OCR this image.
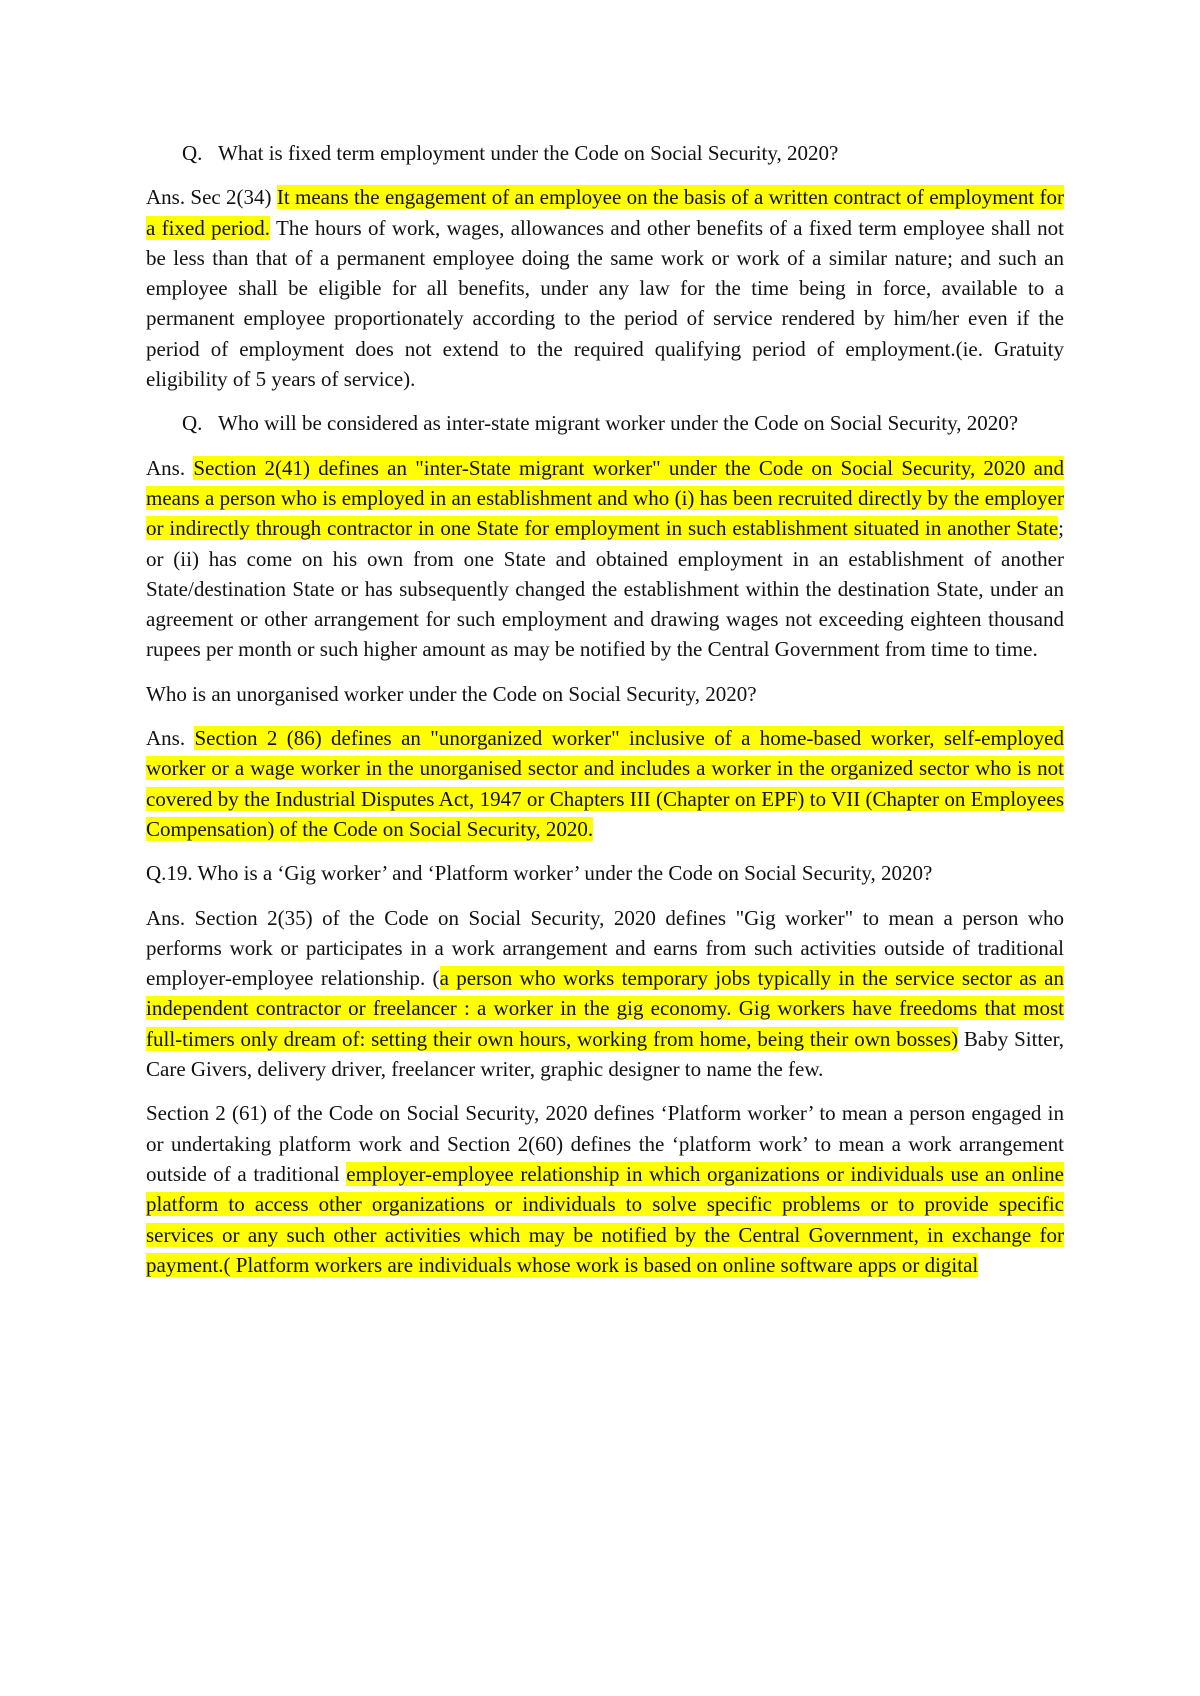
Q. What is fixed term employment under the Code on Social Security, 2020?

Ans. Sec 2(34) It means the engagement of an employee on the basis of a written contract of employment for a fixed period. The hours of work, wages, allowances and other benefits of a fixed term employee shall not be less than that of a permanent employee doing the same work or work of a similar nature; and such an employee shall be eligible for all benefits, under any law for the time being in force, available to a permanent employee proportionately according to the period of service rendered by him/her even if the period of employment does not extend to the required qualifying period of employment.(ie. Gratuity eligibility of 5 years of service).

Q. Who will be considered as inter-state migrant worker under the Code on Social Security, 2020?

Ans. Section 2(41) defines an "inter-State migrant worker" under the Code on Social Security, 2020 and means a person who is employed in an establishment and who (i) has been recruited directly by the employer or indirectly through contractor in one State for employment in such establishment situated in another State; or (ii) has come on his own from one State and obtained employment in an establishment of another State/destination State or has subsequently changed the establishment within the destination State, under an agreement or other arrangement for such employment and drawing wages not exceeding eighteen thousand rupees per month or such higher amount as may be notified by the Central Government from time to time.

Who is an unorganised worker under the Code on Social Security, 2020?

Ans. Section 2 (86) defines an "unorganized worker" inclusive of a home-based worker, self-employed worker or a wage worker in the unorganised sector and includes a worker in the organized sector who is not covered by the Industrial Disputes Act, 1947 or Chapters III (Chapter on EPF) to VII (Chapter on Employees Compensation) of the Code on Social Security, 2020.

Q.19. Who is a ‘Gig worker’ and ‘Platform worker’ under the Code on Social Security, 2020?

Ans. Section 2(35) of the Code on Social Security, 2020 defines "Gig worker" to mean a person who performs work or participates in a work arrangement and earns from such activities outside of traditional employer-employee relationship. (a person who works temporary jobs typically in the service sector as an independent contractor or freelancer : a worker in the gig economy. Gig workers have freedoms that most full-timers only dream of: setting their own hours, working from home, being their own bosses) Baby Sitter, Care Givers, delivery driver, freelancer writer, graphic designer to name the few.

Section 2 (61) of the Code on Social Security, 2020 defines ‘Platform worker’ to mean a person engaged in or undertaking platform work and Section 2(60) defines the ‘platform work’ to mean a work arrangement outside of a traditional employer-employee relationship in which organizations or individuals use an online platform to access other organizations or individuals to solve specific problems or to provide specific services or any such other activities which may be notified by the Central Government, in exchange for payment.( Platform workers are individuals whose work is based on online software apps or digital
